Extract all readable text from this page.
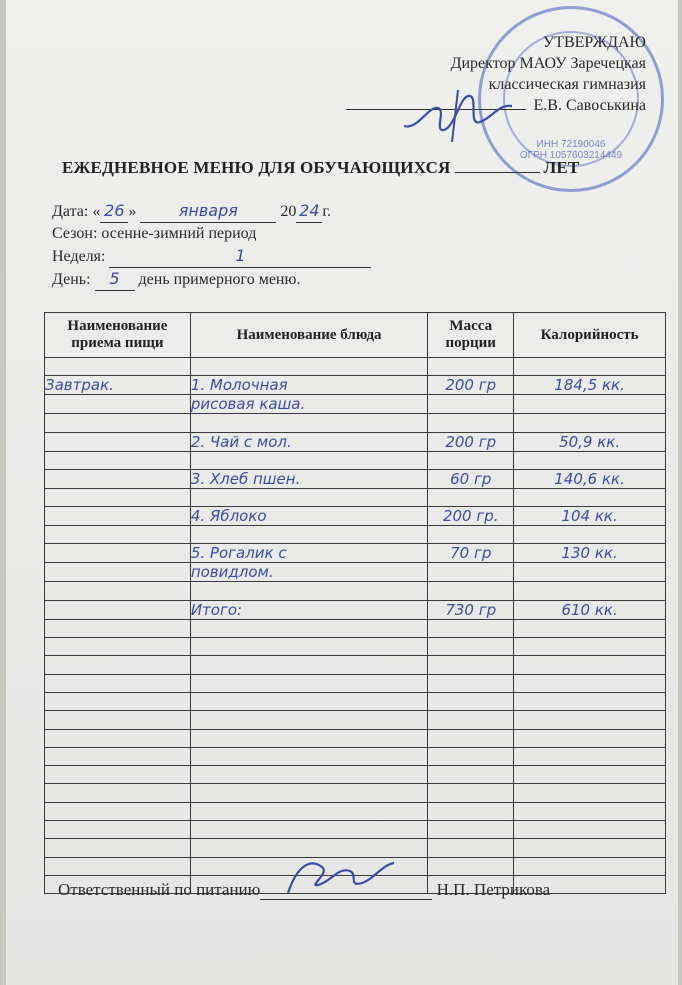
ИНН 72190046
ОГРН 1057603214449
УТВЕРЖДАЮ
Директор МАОУ Заречецкая
классическая гимназия
Е.В. Савоськина
ЕЖЕДНЕВНОЕ МЕНЮ ДЛЯ ОБУЧАЮЩИХСЯ	ЛЕТ
Дата: « 26 »	января	20 24 г.
Сезон: осенне-зимний период
Неделя:	1
День: 5 день примерного меню.
Наименование приема пищи	Наименование блюда	Масса порции	Калорийность

Завтрак.	1. Молочная	200 гр	184,5 кк.
	рисовая каша.		

	2. Чай с мол.	200 гр	50,9 кк.

	3. Хлеб пшен.	60 гр	140,6 кк.

	4. Яблоко	200 гр.	104 кк.

	5. Рогалик с	70 гр	130 кк.
	повидлом.		

	Итого:	730 гр	610 кк.

Ответственный по питанию	Н.П. Петрикова
